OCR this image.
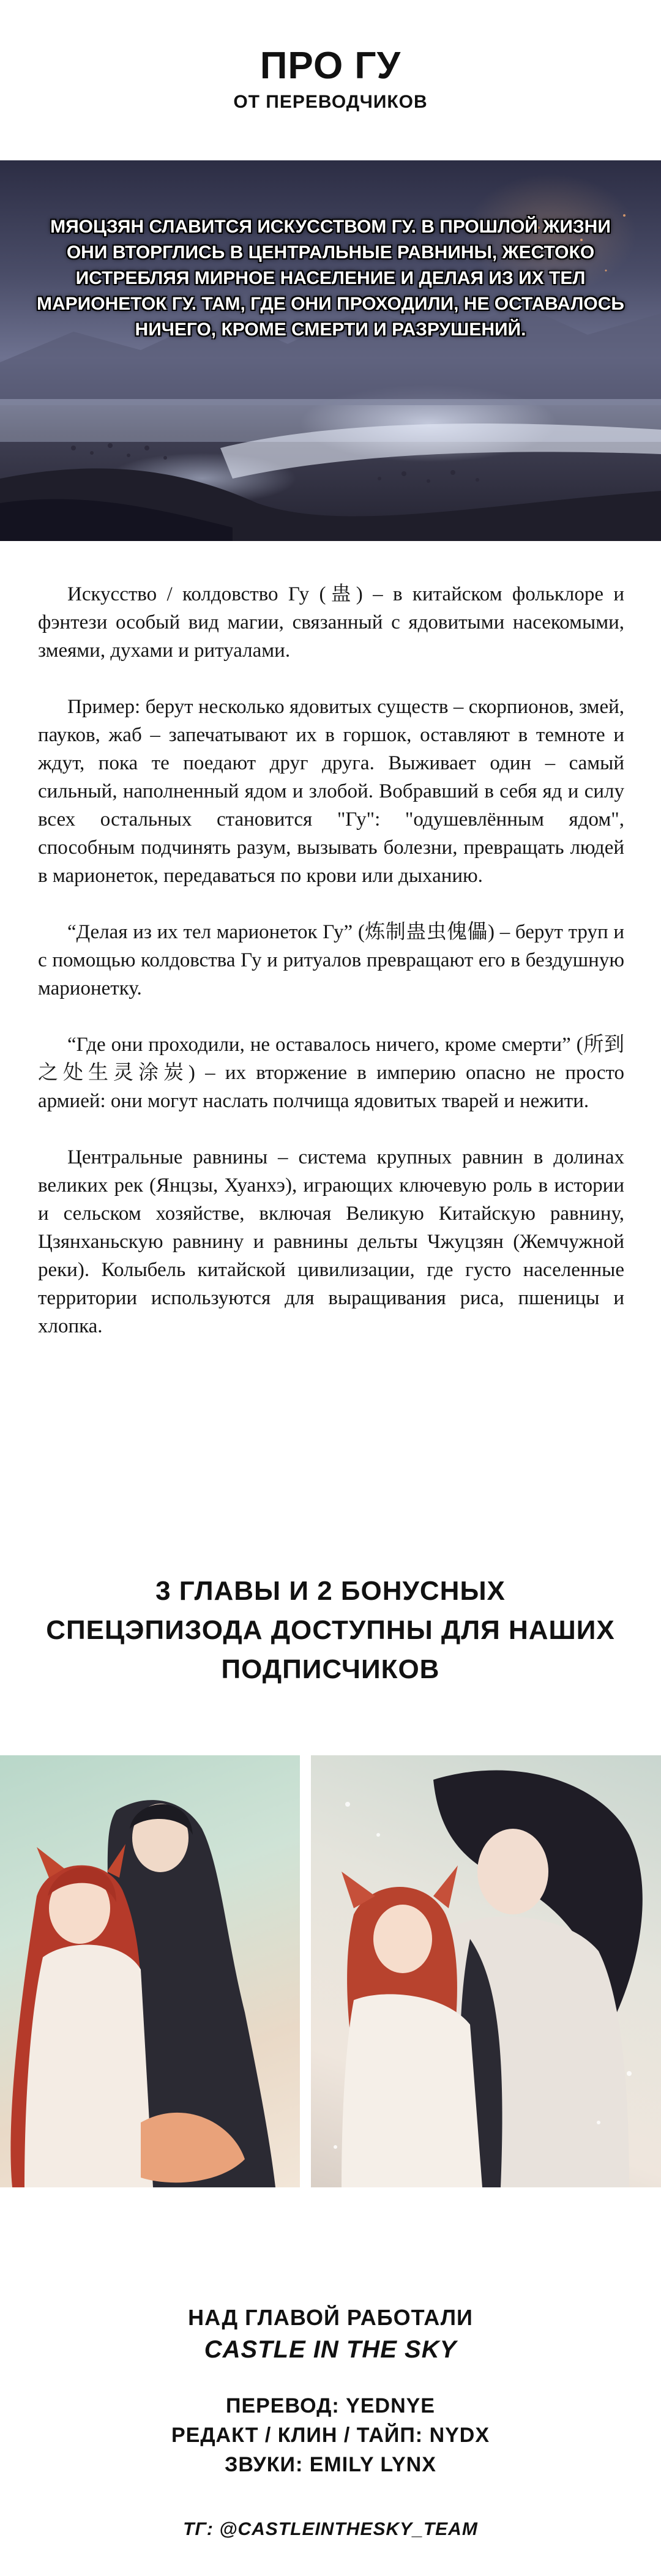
ПРО ГУ
ОТ ПЕРЕВОДЧИКОВ
МЯОЦЗЯН СЛАВИТСЯ ИСКУССТВОМ ГУ. В ПРОШЛОЙ ЖИЗНИ ОНИ ВТОРГЛИСЬ В ЦЕНТРАЛЬНЫЕ РАВНИНЫ, ЖЕСТОКО ИСТРЕБЛЯЯ МИРНОЕ НАСЕЛЕНИЕ И ДЕЛАЯ ИЗ ИХ ТЕЛ МАРИОНЕТОК ГУ. ТАМ, ГДЕ ОНИ ПРОХОДИЛИ, НЕ ОСТАВАЛОСЬ НИЧЕГО, КРОМЕ СМЕРТИ И РАЗРУШЕНИЙ.

Искусство / колдовство Гу (蛊) – в китайском фольклоре и фэнтези особый вид магии, связанный с ядовитыми насекомыми, змеями, духами и ритуалами.

Пример: берут несколько ядовитых существ – скорпионов, змей, пауков, жаб – запечатывают их в горшок, оставляют в темноте и ждут, пока те поедают друг друга. Выживает один – самый сильный, наполненный ядом и злобой. Вобравший в себя яд и силу всех остальных становится "Гу": "одушевлённым ядом", способным подчинять разум, вызывать болезни, превращать людей в марионеток, передаваться по крови или дыханию.

“Делая из их тел марионеток Гу” (炼制蛊虫傀儡) – берут труп и с помощью колдовства Гу и ритуалов превращают его в бездушную марионетку.

“Где они проходили, не оставалось ничего, кроме смерти” (所到之处生灵涂炭) – их вторжение в империю опасно не просто армией: они могут наслать полчища ядовитых тварей и нежити.

Центральные равнины – система крупных равнин в долинах великих рек (Янцзы, Хуанхэ), играющих ключевую роль в истории и сельском хозяйстве, включая Великую Китайскую равнину, Цзянханьскую равнину и равнины дельты Чжуцзян (Жемчужной реки). Колыбель китайской цивилизации, где густо населенные территории используются для выращивания риса, пшеницы и хлопка.

3 ГЛАВЫ И 2 БОНУСНЫХ
СПЕЦЭПИЗОДА ДОСТУПНЫ ДЛЯ НАШИХ
ПОДПИСЧИКОВ
НАД ГЛАВОЙ РАБОТАЛИ
CASTLE IN THE SKY
ПЕРЕВОД: YEDNYE
РЕДАКТ / КЛИН / ТАЙП: NYDX
ЗВУКИ: EMILY LYNX
ТГ: @CASTLEINTHESKY_TEAM
